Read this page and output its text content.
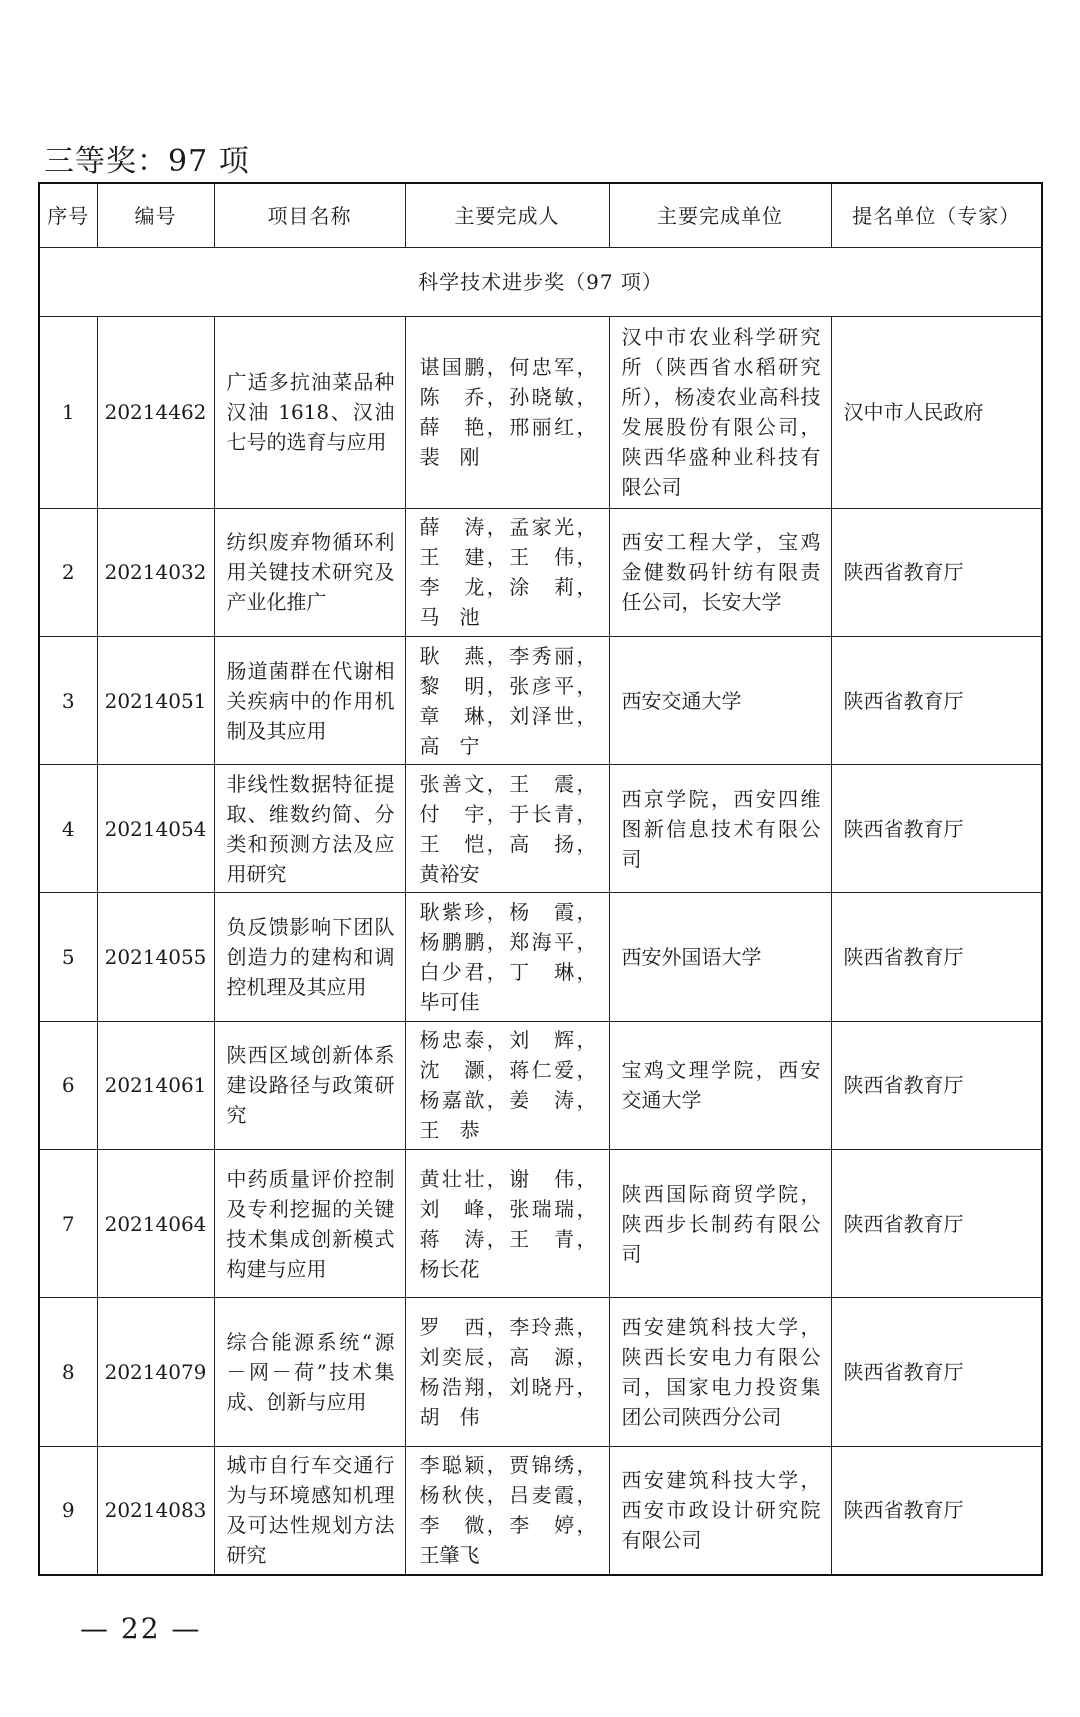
三等奖：97 项
序号	编号	项目名称	主要完成人	主要完成单位	提名单位（专家）
科学技术进步奖（97 项）					
1	20214462	广适多抗油菜品种汉油 1618、汉油七号的选育与应用	谌国鹏，何忠军，
陈　乔，孙晓敏，
薛　艳，邢丽红，
裴　刚	汉中市农业科学研究所（陕西省水稻研究所），杨凌农业高科技发展股份有限公司，陕西华盛种业科技有限公司	汉中市人民政府
2	20214032	纺织废弃物循环利用关键技术研究及产业化推广	薛　涛，孟家光，
王　建，王　伟，
李　龙，涂　莉，
马　池	西安工程大学，宝鸡金健数码针纺有限责任公司，长安大学	陕西省教育厅
3	20214051	肠道菌群在代谢相关疾病中的作用机制及其应用	耿　燕，李秀丽，
黎　明，张彦平，
章　琳，刘泽世，
高　宁	西安交通大学	陕西省教育厅
4	20214054	非线性数据特征提取、维数约简、分类和预测方法及应用研究	张善文，王　震，
付　宇，于长青，
王　恺，高　扬，
黄裕安	西京学院，西安四维图新信息技术有限公司	陕西省教育厅
5	20214055	负反馈影响下团队创造力的建构和调控机理及其应用	耿紫珍，杨　霞，
杨鹏鹏，郑海平，
白少君，丁　琳，
毕可佳	西安外国语大学	陕西省教育厅
6	20214061	陕西区域创新体系建设路径与政策研究	杨忠泰，刘　辉，
沈　灏，蒋仁爱，
杨嘉歆，姜　涛，
王　恭	宝鸡文理学院，西安交通大学	陕西省教育厅
7	20214064	中药质量评价控制及专利挖掘的关键技术集成创新模式构建与应用	黄壮壮，谢　伟，
刘　峰，张瑞瑞，
蒋　涛，王　青，
杨长花	陕西国际商贸学院，陕西步长制药有限公司	陕西省教育厅
8	20214079	综合能源系统“源－网－荷”技术集成、创新与应用	罗　西，李玲燕，
刘奕辰，高　源，
杨浩翔，刘晓丹，
胡　伟	西安建筑科技大学，陕西长安电力有限公司，国家电力投资集团公司陕西分公司	陕西省教育厅
9	20214083	城市自行车交通行为与环境感知机理及可达性规划方法研究	李聪颖，贾锦绣，
杨秋侠，吕麦霞，
李　微，李　婷，
王肇飞	西安建筑科技大学，西安市政设计研究院有限公司	陕西省教育厅
— 22 —
